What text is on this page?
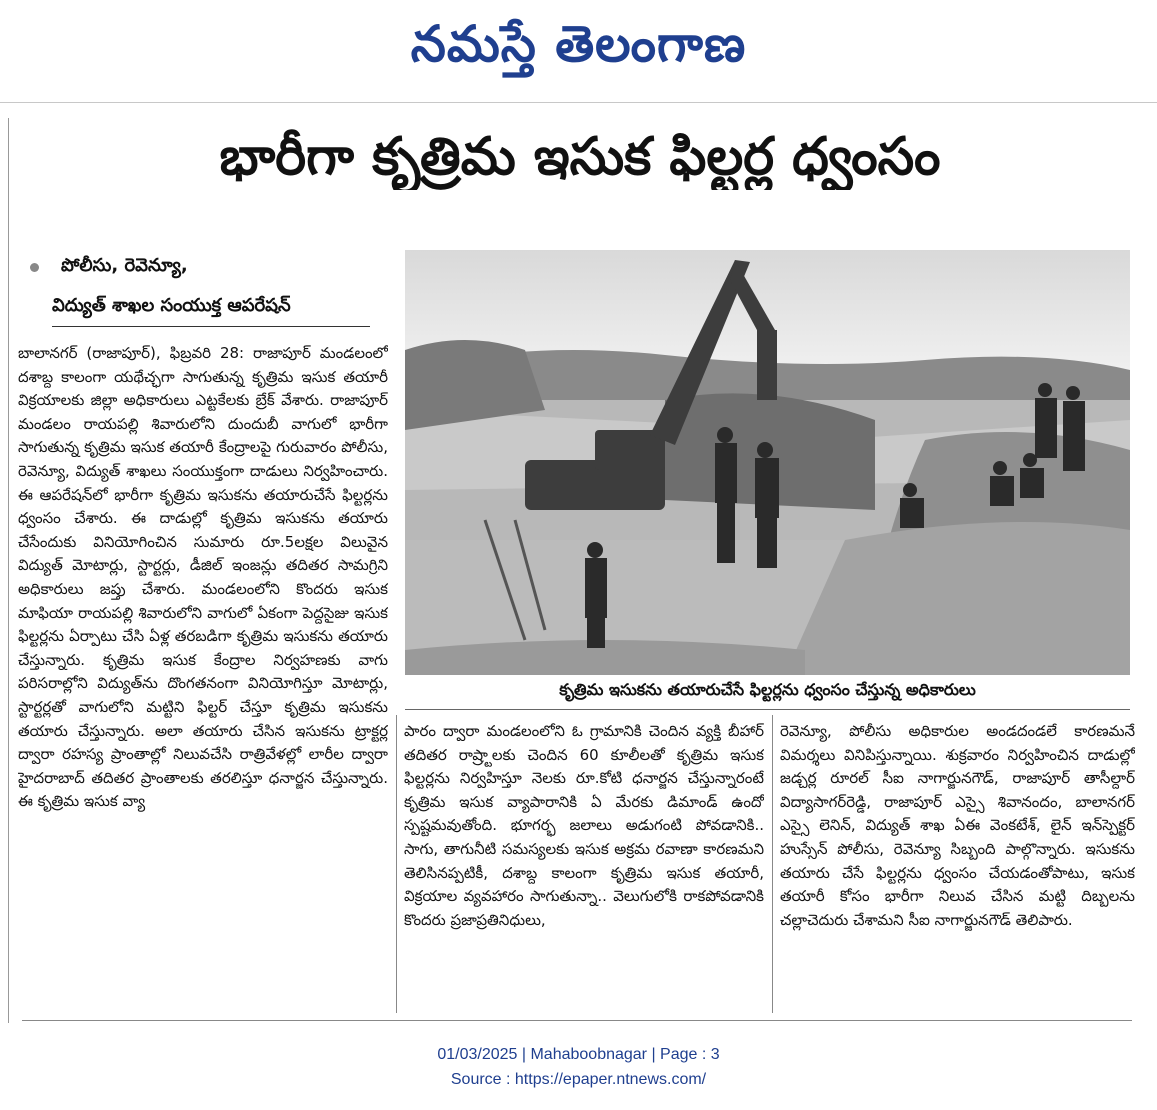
నమస్తే తెలంగాణ
భారీగా కృత్రిమ ఇసుక ఫిల్టర్ల ధ్వంసం
పోలీసు, రెవెన్యూ,
విద్యుత్ శాఖల సంయుక్త ఆపరేషన్
బాలానగర్ (రాజాపూర్), ఫిబ్రవరి 28: రాజాపూర్ మండలంలో దశాబ్ద కాలంగా యథేచ్ఛగా సాగుతున్న కృత్రిమ ఇసుక తయారీ విక్రయాలకు జిల్లా అధికారులు ఎట్టకేలకు బ్రేక్ వేశారు. రాజాపూర్ మండలం రాయపల్లి శివారులోని దుందుబీ వాగులో భారీగా సాగుతున్న కృత్రిమ ఇసుక తయారీ కేంద్రాలపై గురువారం పోలీసు, రెవెన్యూ, విద్యుత్ శాఖలు సంయుక్తంగా దాడులు నిర్వహించారు. ఈ ఆపరేషన్‌లో భారీగా కృత్రిమ ఇసుకను తయారుచేసే ఫిల్టర్లను ధ్వంసం చేశారు. ఈ దాడుల్లో కృత్రిమ ఇసుకను తయారు చేసేందుకు వినియోగించిన సుమారు రూ.5లక్షల విలువైన విద్యుత్ మోటార్లు, స్టార్టర్లు, డీజిల్ ఇంజన్లు తదితర సామగ్రిని అధికారులు జప్తు చేశారు. మండలంలోని కొందరు ఇసుక మాఫియా రాయపల్లి శివారులోని వాగులో ఏకంగా పెద్దసైజు ఇసుక ఫిల్టర్లను ఏర్పాటు చేసి ఏళ్ల తరబడిగా కృత్రిమ ఇసుకను తయారు చేస్తున్నారు. కృత్రిమ ఇసుక కేంద్రాల నిర్వహణకు వాగు పరిసరాల్లోని విద్యుత్‌ను దొంగతనంగా వినియోగిస్తూ మోటార్లు, స్టార్టర్లతో వాగులోని మట్టిని ఫిల్టర్ చేస్తూ కృత్రిమ ఇసుకను తయారు చేస్తున్నారు. అలా తయారు చేసిన ఇసుకను ట్రాక్టర్ల ద్వారా రహస్య ప్రాంతాల్లో నిలువచేసి రాత్రివేళల్లో లారీల ద్వారా హైదరాబాద్ తదితర ప్రాంతాలకు తరలిస్తూ ధనార్జన చేస్తున్నారు. ఈ కృత్రిమ ఇసుక వ్యా
కృత్రిమ ఇసుకను తయారుచేసే ఫిల్టర్లను ధ్వంసం చేస్తున్న అధికారులు
పారం ద్వారా మండలంలోని ఓ గ్రామానికి చెందిన వ్యక్తి బీహార్ తదితర రాష్ర్టాలకు చెందిన 60 కూలీలతో కృత్రిమ ఇసుక ఫిల్టర్లను నిర్వహిస్తూ నెలకు రూ.కోటి ధనార్జన చేస్తున్నారంటే కృత్రిమ ఇసుక వ్యాపారానికి ఏ మేరకు డిమాండ్ ఉందో స్పష్టమవుతోంది. భూగర్భ జలాలు అడుగంటి పోవడానికి.. సాగు, తాగునీటి సమస్యలకు ఇసుక అక్రమ రవాణా కారణమని తెలిసినప్పటికీ, దశాబ్ద కాలంగా కృత్రిమ ఇసుక తయారీ, విక్రయాల వ్యవహారం సాగుతున్నా.. వెలుగులోకి రాకపోవడానికి కొందరు ప్రజాప్రతినిధులు,
రెవెన్యూ, పోలీసు అధికారుల అండదండలే కారణమనే విమర్శలు వినిపిస్తున్నాయి. శుక్రవారం నిర్వహించిన దాడుల్లో జడ్చర్ల రూరల్ సీఐ నాగార్జునగౌడ్, రాజాపూర్ తాసీల్దార్ విద్యాసాగర్‌రెడ్డి, రాజాపూర్ ఎస్సై శివానందం, బాలానగర్ ఎస్సై లెనిన్, విద్యుత్ శాఖ ఏఈ వెంకటేశ్, లైన్ ఇన్‌స్పెక్టర్ హుస్సేన్ పోలీసు, రెవెన్యూ సిబ్బంది పాల్గొన్నారు. ఇసుకను తయారు చేసే ఫిల్టర్లను ధ్వంసం చేయడంతోపాటు, ఇసుక తయారీ కోసం భారీగా నిలువ చేసిన మట్టి దిబ్బలను చల్లాచెదురు చేశామని సీఐ నాగార్జునగౌడ్ తెలిపారు.
01/03/2025 | Mahaboobnagar | Page : 3
Source : https://epaper.ntnews.com/
